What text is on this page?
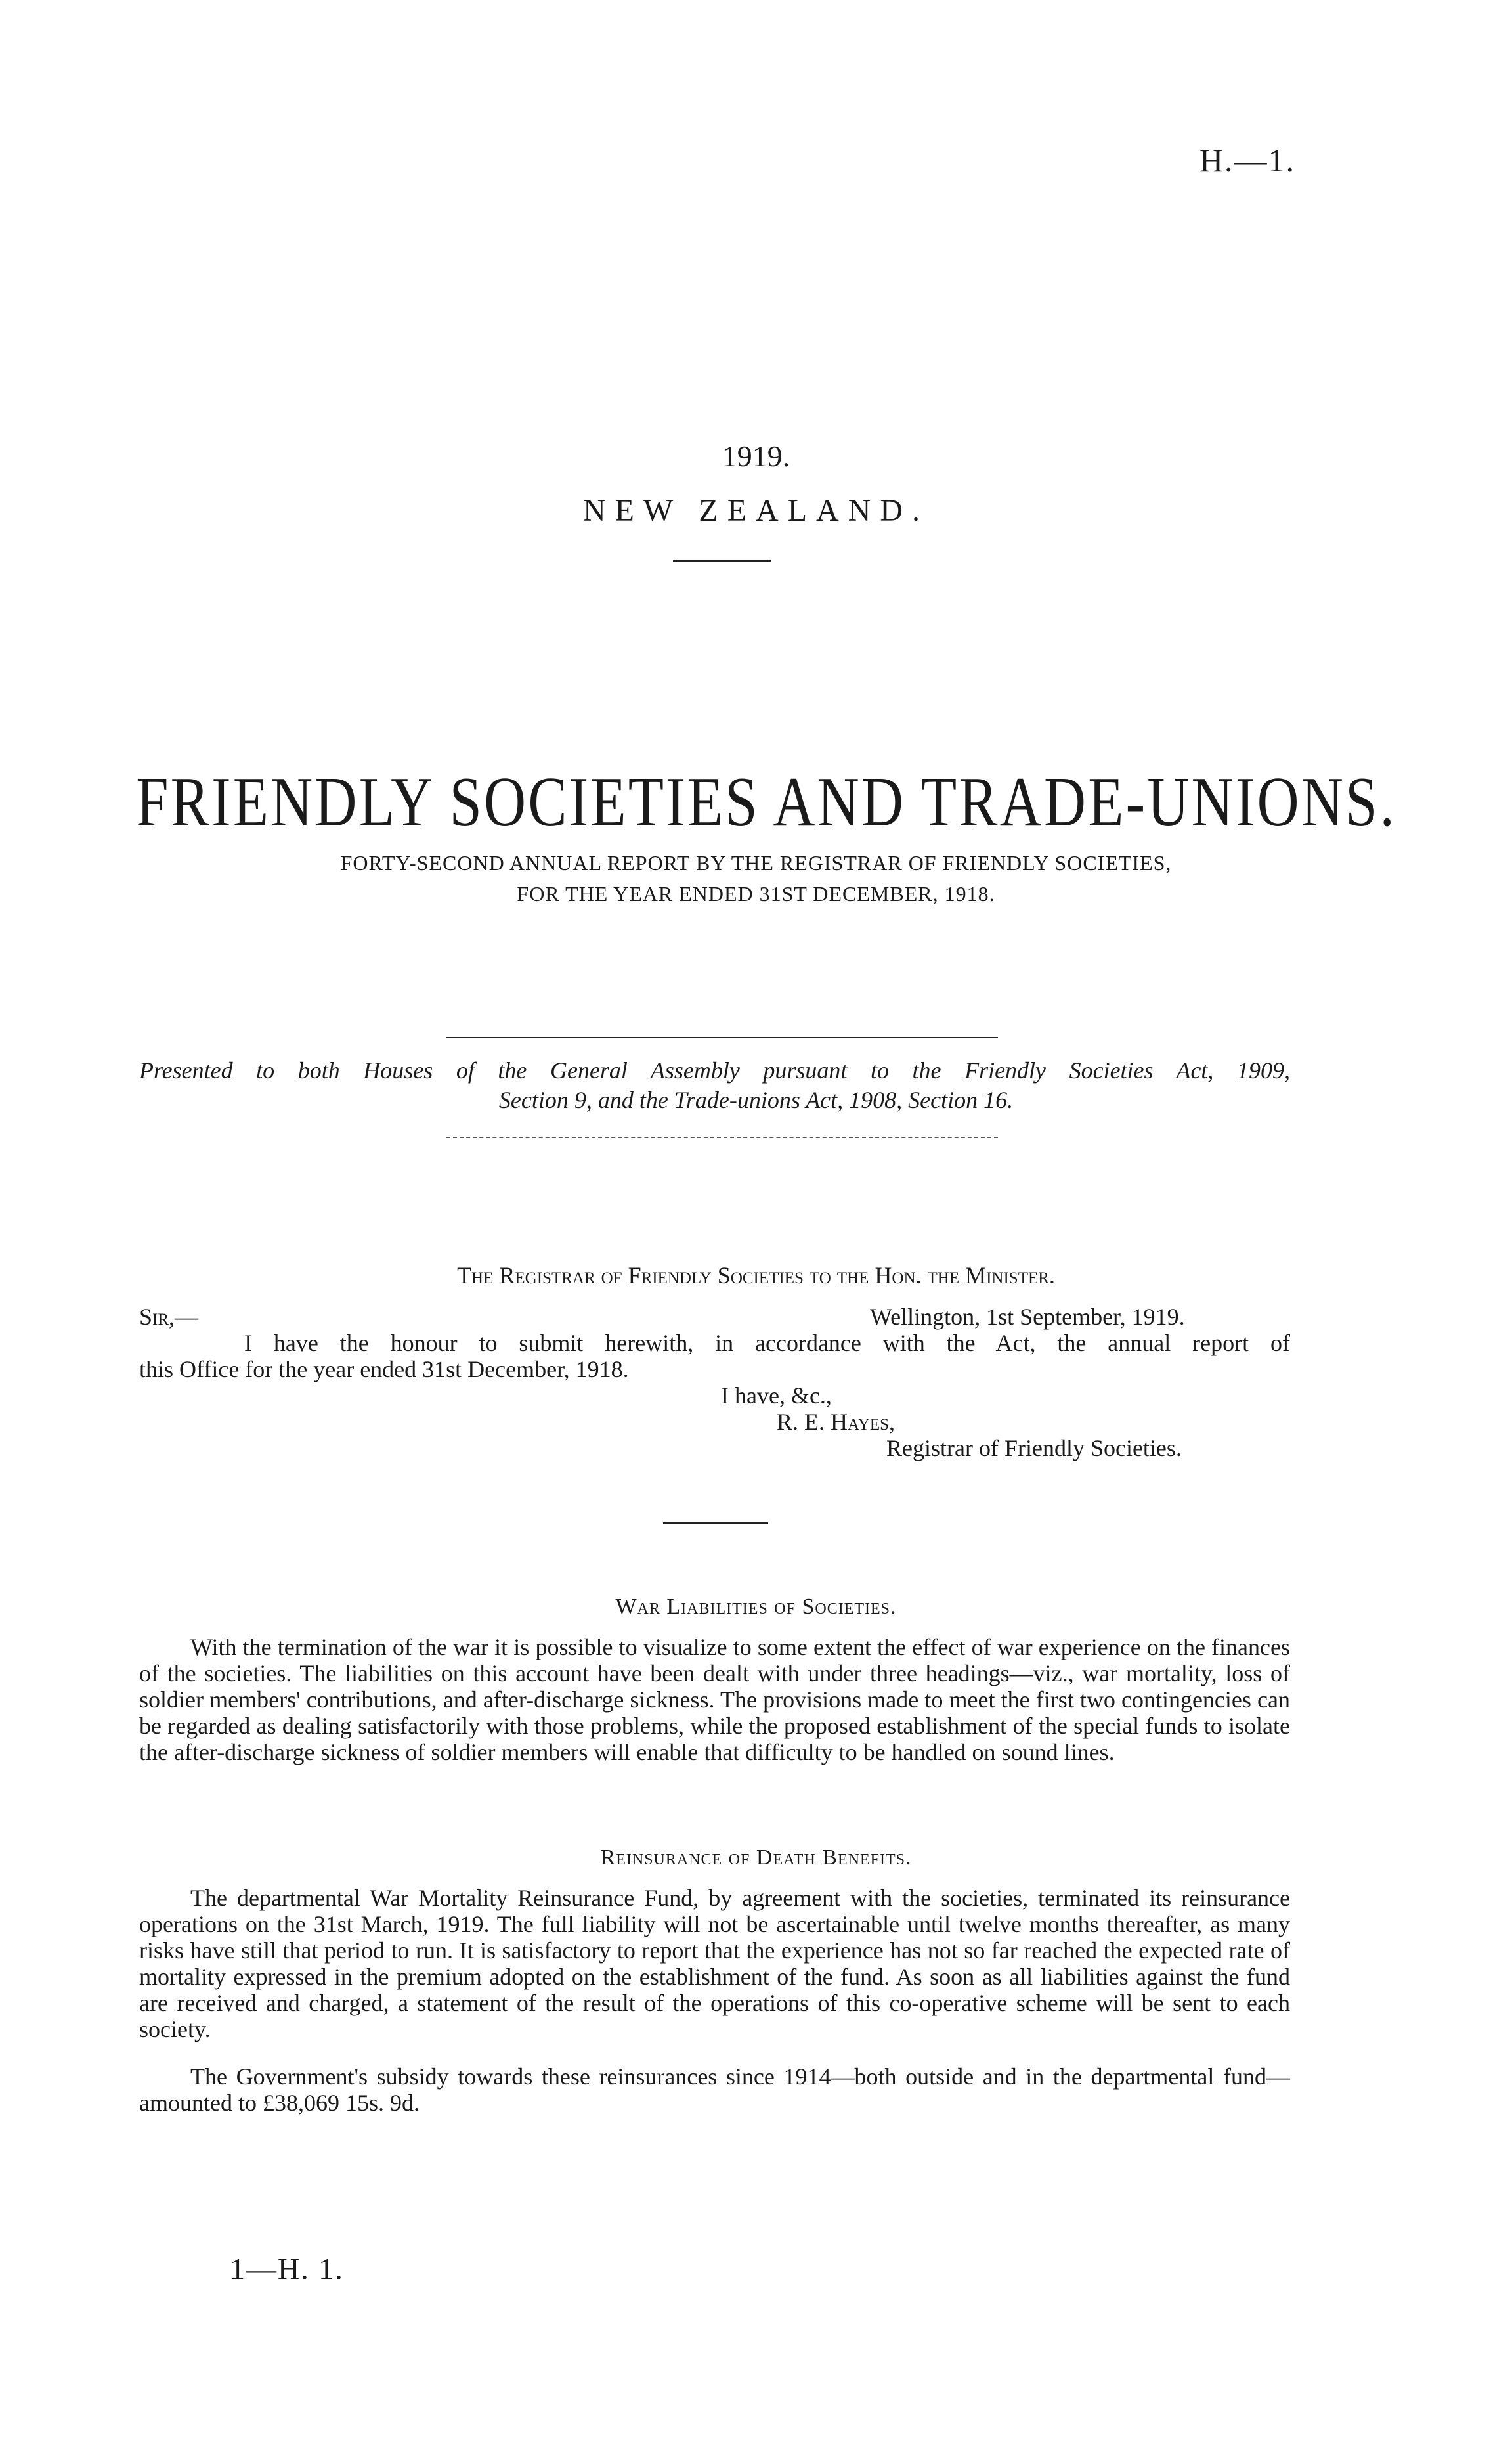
H.—1.
1919.
NEW ZEALAND.
FRIENDLY SOCIETIES AND TRADE-UNIONS.
FORTY-SECOND ANNUAL REPORT BY THE REGISTRAR OF FRIENDLY SOCIETIES,
FOR THE YEAR ENDED 31ST DECEMBER, 1918.
Presented to both Houses of the General Assembly pursuant to the Friendly Societies Act, 1909,
Section 9, and the Trade-unions Act, 1908, Section 16.
The Registrar of Friendly Societies to the Hon. the Minister.
Sir,—	Wellington, 1st September, 1919.
I have the honour to submit herewith, in accordance with the Act, the annual report of
this Office for the year ended 31st December, 1918.
I have, &c.,
R. E. Hayes,
Registrar of Friendly Societies.
War Liabilities of Societies.
With the termination of the war it is possible to visualize to some extent the effect of war experience on the finances of the societies. The liabilities on this account have been dealt with under three headings—viz., war mortality, loss of soldier members' contributions, and after-discharge sickness. The provisions made to meet the first two contingencies can be regarded as dealing satisfactorily with those problems, while the proposed establishment of the special funds to isolate the after-discharge sickness of soldier members will enable that difficulty to be handled on sound lines.
Reinsurance of Death Benefits.
The departmental War Mortality Reinsurance Fund, by agreement with the societies, terminated its reinsurance operations on the 31st March, 1919. The full liability will not be ascertainable until twelve months thereafter, as many risks have still that period to run. It is satisfactory to report that the experience has not so far reached the expected rate of mortality expressed in the premium adopted on the establishment of the fund. As soon as all liabilities against the fund are received and charged, a statement of the result of the operations of this co-operative scheme will be sent to each society.
The Government's subsidy towards these reinsurances since 1914—both outside and in the departmental fund—amounted to £38,069 15s. 9d.
1—H. 1.
